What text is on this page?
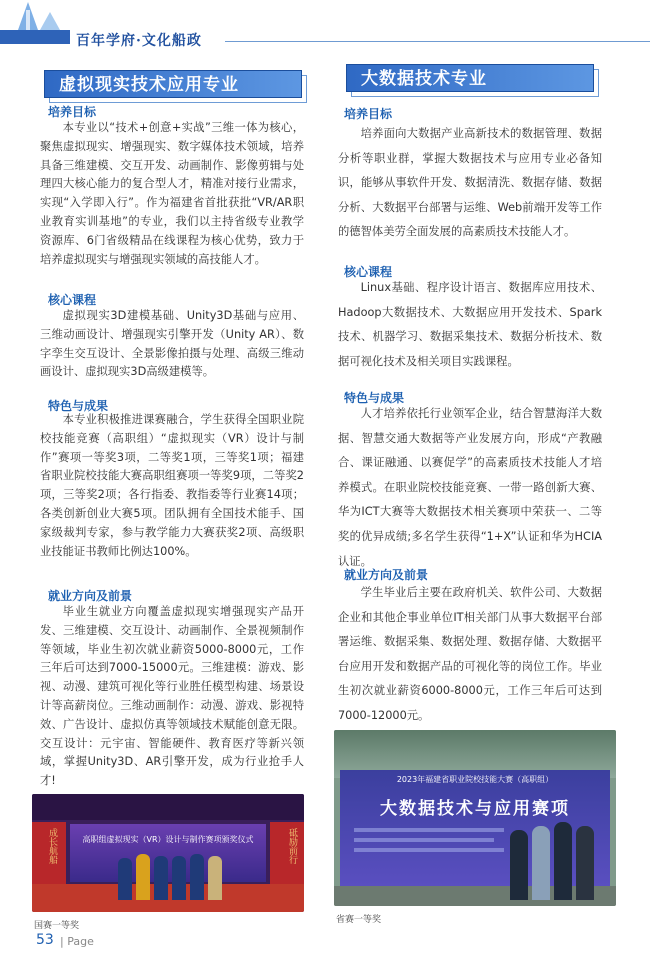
百年学府·文化船政
虚拟现实技术应用专业
培养目标
本专业以“技术+创意+实战”三维一体为核心，聚焦虚拟现实、增强现实、数字媒体技术领域，培养具备三维建模、交互开发、动画制作、影像剪辑与处理四大核心能力的复合型人才，精准对接行业需求，实现“入学即入行”。作为福建省首批获批“VR/AR职业教育实训基地”的专业，我们以主持省级专业教学资源库、6门省级精品在线课程为核心优势，致力于培养虚拟现实与增强现实领域的高技能人才。
核心课程
虚拟现实3D建模基础、Unity3D基础与应用、三维动画设计、增强现实引擎开发（Unity AR）、数字孪生交互设计、全景影像拍摄与处理、高级三维动画设计、虚拟现实3D高级建模等。
特色与成果
本专业积极推进课赛融合，学生获得全国职业院校技能竞赛（高职组）“虚拟现实（VR）设计与制作”赛项一等奖3项，二等奖1项，三等奖1项；福建省职业院校技能大赛高职组赛项一等奖9项，二等奖2项，三等奖2项；各行指委、教指委等行业赛14项；各类创新创业大赛5项。团队拥有全国技术能手、国家级裁判专家，参与教学能力大赛获奖2项、高级职业技能证书教师比例达100%。
就业方向及前景
毕业生就业方向覆盖虚拟现实增强现实产品开发、三维建模、交互设计、动画制作、全景视频制作等领域，毕业生初次就业薪资5000-8000元，工作三年后可达到7000-15000元。三维建模：游戏、影视、动漫、建筑可视化等行业胜任模型构建、场景设计等高薪岗位。三维动画制作：动漫、游戏、影视特效、广告设计、虚拟仿真等领域技术赋能创意无限。交互设计：元宇宙、智能硬件、教育医疗等新兴领域，掌握Unity3D、AR引擎开发，成为行业抢手人才!
成长航船	砥励前行
高职组虚拟现实（VR）设计与制作赛项颁奖仪式
国赛一等奖
大数据技术专业
培养目标
培养面向大数据产业高新技术的数据管理、数据分析等职业群，掌握大数据技术与应用专业必备知识，能够从事软件开发、数据清洗、数据存储、数据分析、大数据平台部署与运维、Web前端开发等工作的德智体美劳全面发展的高素质技术技能人才。
核心课程
Linux基础、程序设计语言、数据库应用技术、Hadoop大数据技术、大数据应用开发技术、Spark 技术、机器学习、数据采集技术、数据分析技术、数据可视化技术及相关项目实践课程。
特色与成果
人才培养依托行业领军企业，结合智慧海洋大数据、智慧交通大数据等产业发展方向，形成“产教融合、课证融通、以赛促学”的高素质技术技能人才培养模式。在职业院校技能竞赛、一带一路创新大赛、华为ICT大赛等大数据技术相关赛项中荣获一、二等奖的优异成绩;多名学生获得“1+X”认证和华为HCIA认证。
就业方向及前景
学生毕业后主要在政府机关、软件公司、大数据企业和其他企事业单位IT相关部门从事大数据平台部署运维、数据采集、数据处理、数据存储、大数据平台应用开发和数据产品的可视化等的岗位工作。毕业生初次就业薪资6000-8000元，工作三年后可达到7000-12000元。
2023年福建省职业院校技能大赛（高职组）
大数据技术与应用赛项
省赛一等奖
53 | Page
